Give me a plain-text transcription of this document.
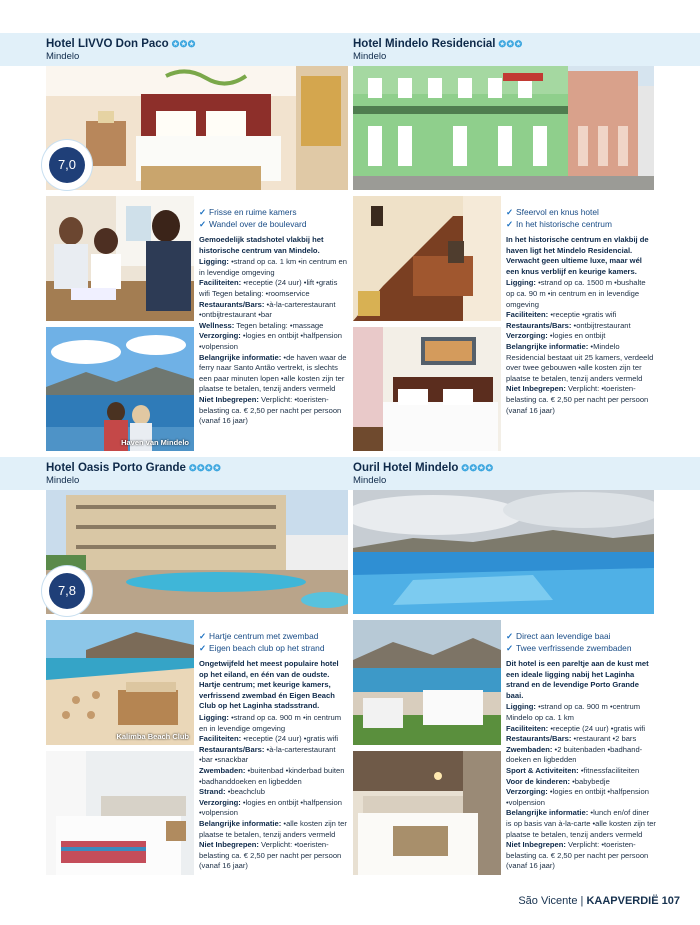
Hotel LIVVO Don Paco ✪✪✪
Mindelo
Hotel Mindelo Residencial ✪✪✪
Mindelo
7,0
Haven van Mindelo
✓ Frisse en ruime kamers
✓ Wandel over de boulevard
Gemoedelijk stadshotel vlakbij het historische centrum van Mindelo.

Ligging: •strand op ca. 1 km •in centrum en in levendige omgeving

Faciliteiten: •receptie (24 uur) •lift •gratis wifi Tegen betaling: •roomservice

Restaurants/Bars: •à-la-carterestaurant •ontbijtrestaurant •bar

Wellness: Tegen betaling: •massage

Verzorging: •logies en ontbijt •halfpension •volpension

Belangrijke informatie: •de haven waar de ferry naar Santo Antão vertrekt, is slechts een paar minuten lopen •alle kosten zijn ter plaatse te betalen, tenzij anders vermeld

Niet Inbegrepen: Verplicht: •toeristen-belasting ca. € 2,50 per nacht per persoon (vanaf 16 jaar)

✓ Sfeervol en knus hotel
✓ In het historische centrum
In het historische centrum en vlakbij de haven ligt het Mindelo Residencial. Verwacht geen ultieme luxe, maar wél een knus verblijf en keurige kamers.

Ligging: •strand op ca. 1500 m •bushalte op ca. 90 m •in centrum en in levendige omgeving

Faciliteiten: •receptie •gratis wifi

Restaurants/Bars: •ontbijtrestaurant

Verzorging: •logies en ontbijt

Belangrijke informatie: •Mindelo Residencial bestaat uit 25 kamers, verdeeld over twee gebouwen •alle kosten zijn ter plaatse te betalen, tenzij anders vermeld

Niet Inbegrepen: Verplicht: •toeristen-belasting ca. € 2,50 per nacht per persoon (vanaf 16 jaar)

Hotel Oasis Porto Grande ✪✪✪✪
Mindelo
Ouril Hotel Mindelo ✪✪✪✪
Mindelo
7,8
Kalimba Beach Club
✓ Hartje centrum met zwembad
✓ Eigen beach club op het strand
Ongetwijfeld het meest populaire hotel op het eiland, en één van de oudste. Hartje centrum; met keurige kamers, verfrissend zwembad én Eigen Beach Club op het Laginha stadsstrand.

Ligging: •strand op ca. 900 m •in centrum en in levendige omgeving

Faciliteiten: •receptie (24 uur) •gratis wifi

Restaurants/Bars: •à-la-carterestaurant •bar •snackbar

Zwembaden: •buitenbad •kinderbad buiten •badhanddoeken en ligbedden

Strand: •beachclub

Verzorging: •logies en ontbijt •halfpension •volpension

Belangrijke informatie: •alle kosten zijn ter plaatse te betalen, tenzij anders vermeld

Niet Inbegrepen: Verplicht: •toeristen-belasting ca. € 2,50 per nacht per persoon (vanaf 16 jaar)

✓ Direct aan levendige baai
✓ Twee verfrissende zwembaden
Dit hotel is een pareltje aan de kust met een ideale ligging nabij het Laginha strand en de levendige Porto Grande baai.

Ligging: •strand op ca. 900 m •centrum Mindelo op ca. 1 km

Faciliteiten: •receptie (24 uur) •gratis wifi

Restaurants/Bars: •restaurant •2 bars

Zwembaden: •2 buitenbaden •badhand-doeken en ligbedden

Sport & Activiteiten: •fitnessfaciliteiten

Voor de kinderen: •babybedje

Verzorging: •logies en ontbijt •halfpension •volpension

Belangrijke informatie: •lunch en/of diner is op basis van à-la-carte •alle kosten zijn ter plaatse te betalen, tenzij anders vermeld

Niet Inbegrepen: Verplicht: •toeristen-belasting ca. € 2,50 per nacht per persoon (vanaf 16 jaar)

São Vicente | KAAPVERDIË 107
